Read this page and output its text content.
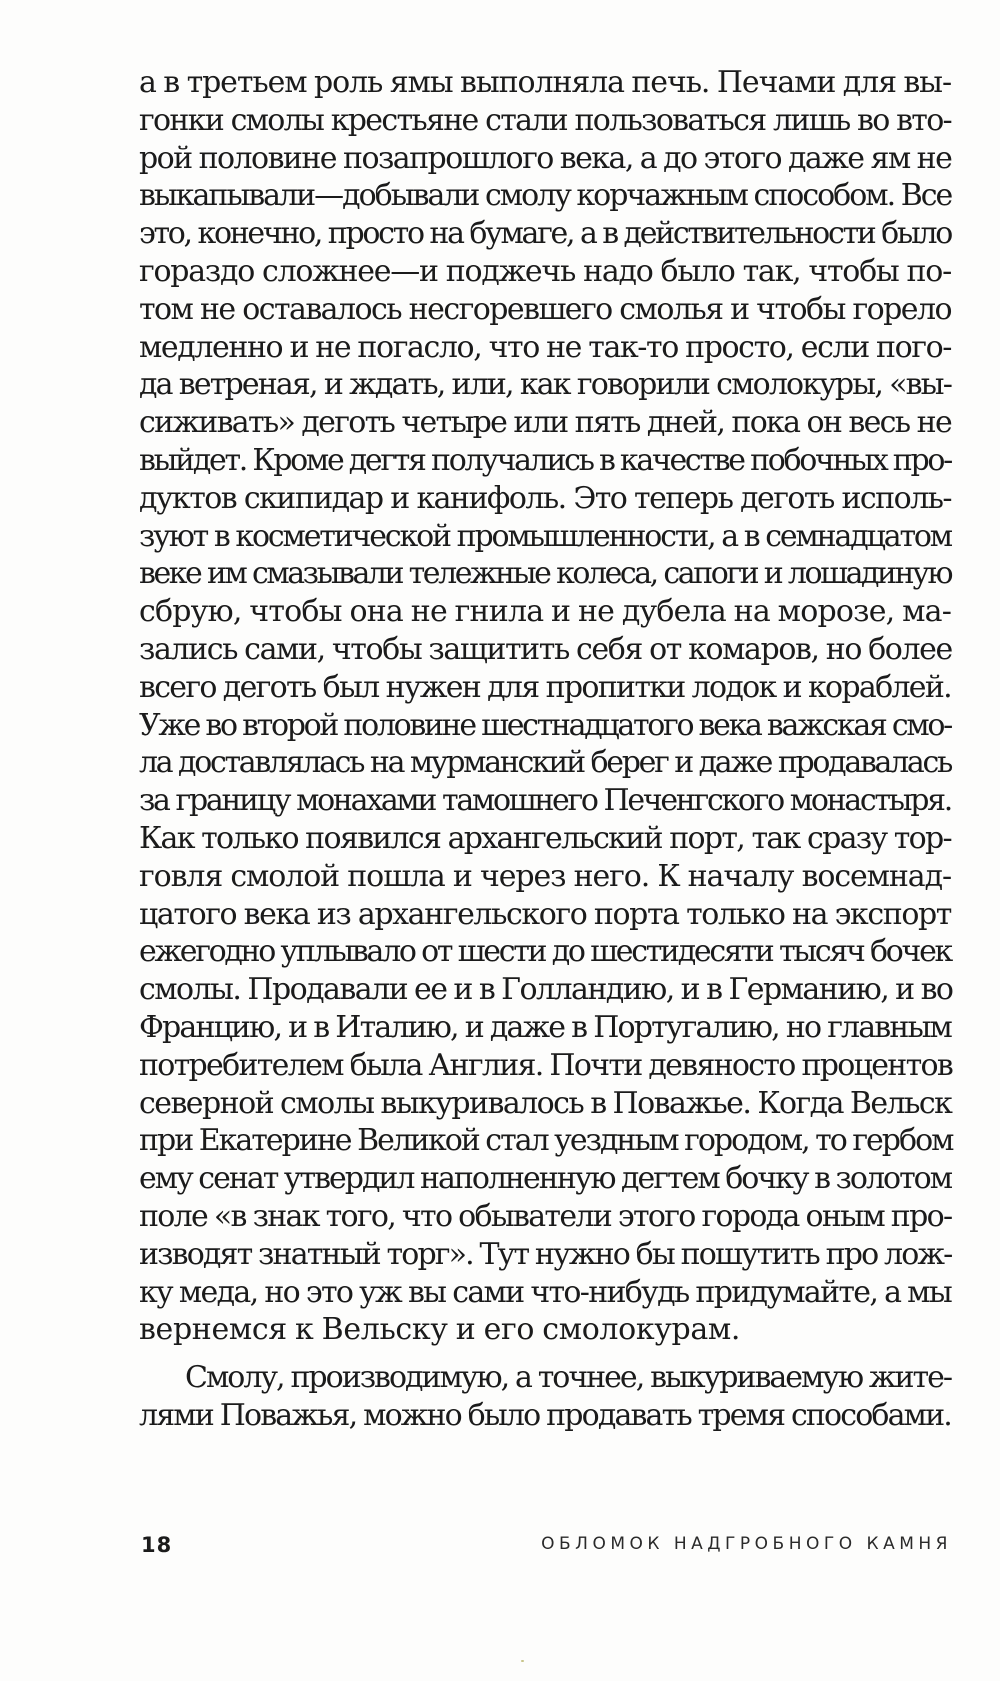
а в третьем роль ямы выполняла печь. Печами для вы-
гонки смолы крестьяне стали пользоваться лишь во вто-
рой половине позапрошлого века, а до этого даже ям не
выкапывали—добывали смолу корчажным способом. Все
это, конечно, просто на бумаге, а в действительности было
гораздо сложнее—и поджечь надо было так, чтобы по-
том не оставалось несгоревшего смолья и чтобы горело
медленно и не погасло, что не так-то просто, если пого-
да ветреная, и ждать, или, как говорили смолокуры, «вы-
сиживать» деготь четыре или пять дней, пока он весь не
выйдет. Кроме дегтя получались в качестве побочных про-
дуктов скипидар и канифоль. Это теперь деготь исполь-
зуют в косметической промышленности, а в семнадцатом
веке им смазывали тележные колеса, сапоги и лошадиную
сбрую, чтобы она не гнила и не дубела на морозе, ма-
зались сами, чтобы защитить себя от комаров, но более
всего деготь был нужен для пропитки лодок и кораблей.
Уже во второй половине шестнадцатого века важская смо-
ла доставлялась на мурманский берег и даже продавалась
за границу монахами тамошнего Печенгского монастыря.
Как только появился архангельский порт, так сразу тор-
говля смолой пошла и через него. К началу восемнад-
цатого века из архангельского порта только на экспорт
ежегодно уплывало от шести до шестидесяти тысяч бочек
смолы. Продавали ее и в Голландию, и в Германию, и во
Францию, и в Италию, и даже в Португалию, но главным
потребителем была Англия. Почти девяносто процентов
северной смолы выкуривалось в Поважье. Когда Вельск
при Екатерине Великой стал уездным городом, то гербом
ему сенат утвердил наполненную дегтем бочку в золотом
поле «в знак того, что обыватели этого города оным про-
изводят знатный торг». Тут нужно бы пошутить про лож-
ку меда, но это уж вы сами что-нибудь придумайте, а мы
вернемся к Вельску и его смолокурам.
Смолу, производимую, а точнее, выкуриваемую жите-
лями Поважья, можно было продавать тремя способами.
18	ОБЛОМОК НАДГРОБНОГО КАМНЯ
